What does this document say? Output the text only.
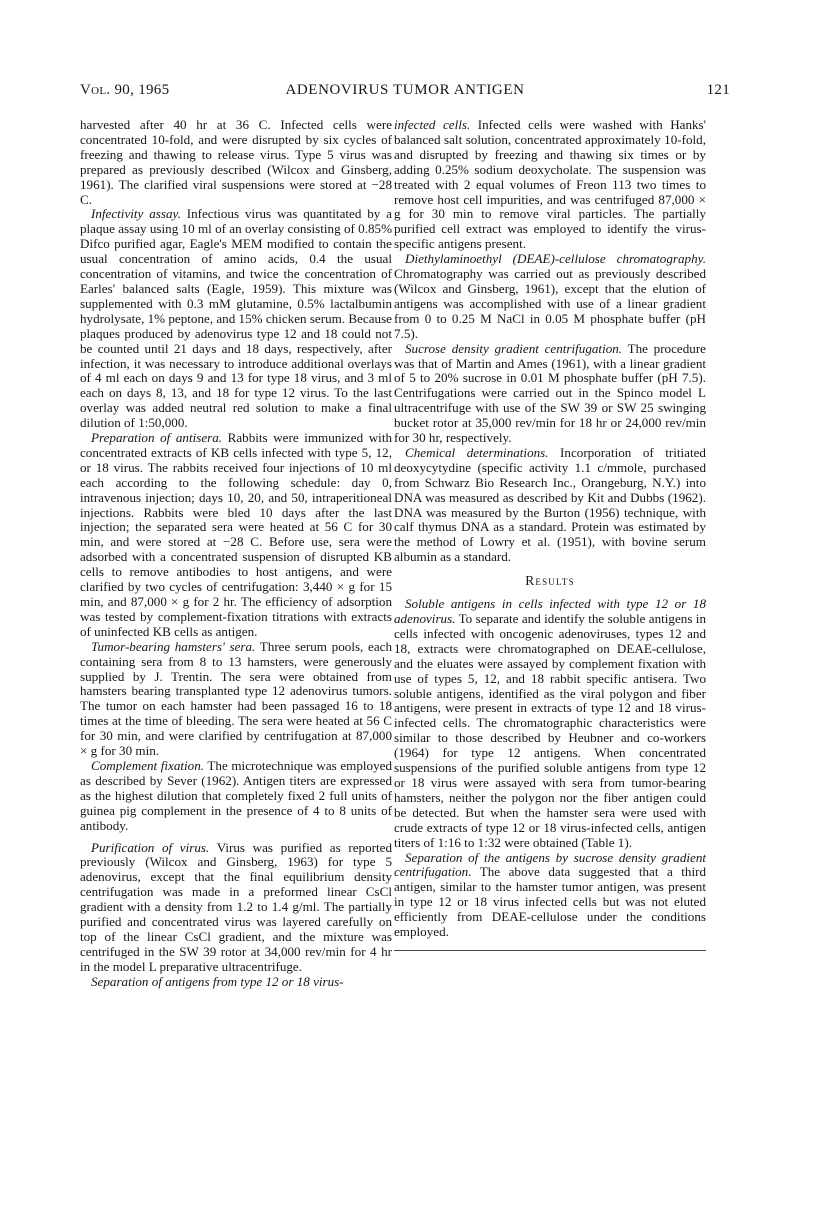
Vol. 90, 1965	ADENOVIRUS TUMOR ANTIGEN	121

harvested after 40 hr at 36 C. Infected cells were concentrated 10-fold, and were disrupted by six cycles of freezing and thawing to release virus. Type 5 virus was prepared as previously described (Wilcox and Ginsberg, 1961). The clarified viral suspensions were stored at −28 C.

Infectivity assay. Infectious virus was quantitated by a plaque assay using 10 ml of an overlay consisting of 0.85% Difco purified agar, Eagle's MEM modified to contain the usual concentration of amino acids, 0.4 the usual concentration of vitamins, and twice the concentration of Earles' balanced salts (Eagle, 1959). This mixture was supplemented with 0.3 mM glutamine, 0.5% lactalbumin hydrolysate, 1% peptone, and 15% chicken serum. Because plaques produced by adenovirus type 12 and 18 could not be counted until 21 days and 18 days, respectively, after infection, it was necessary to introduce additional overlays of 4 ml each on days 9 and 13 for type 18 virus, and 3 ml each on days 8, 13, and 18 for type 12 virus. To the last overlay was added neutral red solution to make a final dilution of 1:50,000.

Preparation of antisera. Rabbits were immunized with concentrated extracts of KB cells infected with type 5, 12, or 18 virus. The rabbits received four injections of 10 ml each according to the following schedule: day 0, intravenous injection; days 10, 20, and 50, intraperitioneal injections. Rabbits were bled 10 days after the last injection; the separated sera were heated at 56 C for 30 min, and were stored at −28 C. Before use, sera were adsorbed with a concentrated suspension of disrupted KB cells to remove antibodies to host antigens, and were clarified by two cycles of centrifugation: 3,440 × g for 15 min, and 87,000 × g for 2 hr. The efficiency of adsorption was tested by complement-fixation titrations with extracts of uninfected KB cells as antigen.

Tumor-bearing hamsters' sera. Three serum pools, each containing sera from 8 to 13 hamsters, were generously supplied by J. Trentin. The sera were obtained from hamsters bearing transplanted type 12 adenovirus tumors. The tumor on each hamster had been passaged 16 to 18 times at the time of bleeding. The sera were heated at 56 C for 30 min, and were clarified by centrifugation at 87,000 × g for 30 min.

Complement fixation. The microtechnique was employed as described by Sever (1962). Antigen titers are expressed as the highest dilution that completely fixed 2 full units of guinea pig complement in the presence of 4 to 8 units of antibody.

Purification of virus. Virus was purified as reported previously (Wilcox and Ginsberg, 1963) for type 5 adenovirus, except that the final equilibrium density centrifugation was made in a preformed linear CsCl gradient with a density from 1.2 to 1.4 g/ml. The partially purified and concentrated virus was layered carefully on top of the linear CsCl gradient, and the mixture was centrifuged in the SW 39 rotor at 34,000 rev/min for 4 hr in the model L preparative ultracentrifuge.

Separation of antigens from type 12 or 18 virus-

infected cells. Infected cells were washed with Hanks' balanced salt solution, concentrated approximately 10-fold, and disrupted by freezing and thawing six times or by adding 0.25% sodium deoxycholate. The suspension was treated with 2 equal volumes of Freon 113 two times to remove host cell impurities, and was centrifuged 87,000 × g for 30 min to remove viral particles. The partially purified cell extract was employed to identify the virus-specific antigens present.

Diethylaminoethyl (DEAE)-cellulose chromatography. Chromatography was carried out as previously described (Wilcox and Ginsberg, 1961), except that the elution of antigens was accomplished with use of a linear gradient from 0 to 0.25 M NaCl in 0.05 M phosphate buffer (pH 7.5).

Sucrose density gradient centrifugation. The procedure was that of Martin and Ames (1961), with a linear gradient of 5 to 20% sucrose in 0.01 M phosphate buffer (pH 7.5). Centrifugations were carried out in the Spinco model L ultracentrifuge with use of the SW 39 or SW 25 swinging bucket rotor at 35,000 rev/min for 18 hr or 24,000 rev/min for 30 hr, respectively.

Chemical determinations. Incorporation of tritiated deoxycytydine (specific activity 1.1 c/mmole, purchased from Schwarz Bio Research Inc., Orangeburg, N.Y.) into DNA was measured as described by Kit and Dubbs (1962). DNA was measured by the Burton (1956) technique, with calf thymus DNA as a standard. Protein was estimated by the method of Lowry et al. (1951), with bovine serum albumin as a standard.

Results

Soluble antigens in cells infected with type 12 or 18 adenovirus. To separate and identify the soluble antigens in cells infected with oncogenic adenoviruses, types 12 and 18, extracts were chromatographed on DEAE-cellulose, and the eluates were assayed by complement fixation with use of types 5, 12, and 18 rabbit specific antisera. Two soluble antigens, identified as the viral polygon and fiber antigens, were present in extracts of type 12 and 18 virus-infected cells. The chromatographic characteristics were similar to those described by Heubner and co-workers (1964) for type 12 antigens. When concentrated suspensions of the purified soluble antigens from type 12 or 18 virus were assayed with sera from tumor-bearing hamsters, neither the polygon nor the fiber antigen could be detected. But when the hamster sera were used with crude extracts of type 12 or 18 virus-infected cells, antigen titers of 1:16 to 1:32 were obtained (Table 1).

Separation of the antigens by sucrose density gradient centrifugation. The above data suggested that a third antigen, similar to the hamster tumor antigen, was present in type 12 or 18 virus infected cells but was not eluted efficiently from DEAE-cellulose under the conditions employed.
